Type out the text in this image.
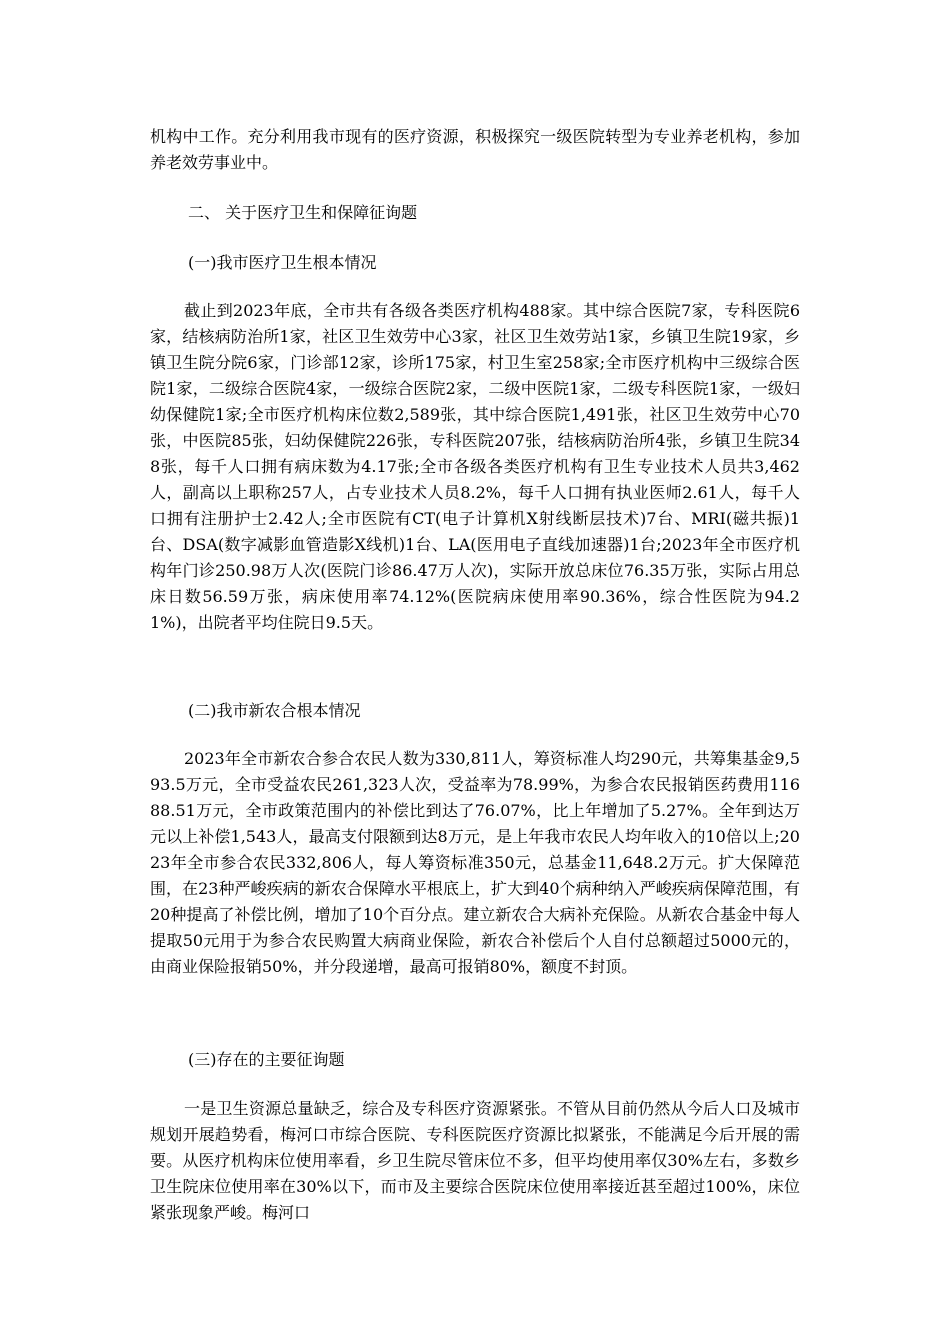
机构中工作。充分利用我市现有的医疗资源，积极探究一级医院转型为专业养老机构，参加养老效劳事业中。

二、 关于医疗卫生和保障征询题

(一)我市医疗卫生根本情况

截止到2023年底，全市共有各级各类医疗机构488家。其中综合医院7家，专科医院6家，结核病防治所1家，社区卫生效劳中心3家，社区卫生效劳站1家，乡镇卫生院19家，乡镇卫生院分院6家，门诊部12家，诊所175家，村卫生室258家;全市医疗机构中三级综合医院1家，二级综合医院4家，一级综合医院2家，二级中医院1家，二级专科医院1家，一级妇幼保健院1家;全市医疗机构床位数2,589张，其中综合医院1,491张，社区卫生效劳中心70张，中医院85张，妇幼保健院226张，专科医院207张，结核病防治所4张，乡镇卫生院348张，每千人口拥有病床数为4.17张;全市各级各类医疗机构有卫生专业技术人员共3,462人，副高以上职称257人，占专业技术人员8.2%，每千人口拥有执业医师2.61人，每千人口拥有注册护士2.42人;全市医院有CT(电子计算机X射线断层技术)7台、MRI(磁共振)1台、DSA(数字减影血管造影X线机)1台、LA(医用电子直线加速器)1台;2023年全市医疗机构年门诊250.98万人次(医院门诊86.47万人次)，实际开放总床位76.35万张，实际占用总床日数56.59万张，病床使用率74.12%(医院病床使用率90.36%，综合性医院为94.21%)，出院者平均住院日9.5天。

(二)我市新农合根本情况

2023年全市新农合参合农民人数为330,811人，筹资标准人均290元，共筹集基金9,593.5万元，全市受益农民261,323人次，受益率为78.99%，为参合农民报销医药费用11688.51万元，全市政策范围内的补偿比到达了76.07%，比上年增加了5.27%。全年到达万元以上补偿1,543人，最高支付限额到达8万元，是上年我市农民人均年收入的10倍以上;2023年全市参合农民332,806人，每人筹资标准350元，总基金11,648.2万元。扩大保障范围，在23种严峻疾病的新农合保障水平根底上，扩大到40个病种纳入严峻疾病保障范围，有20种提高了补偿比例，增加了10个百分点。建立新农合大病补充保险。从新农合基金中每人提取50元用于为参合农民购置大病商业保险，新农合补偿后个人自付总额超过5000元的，由商业保险报销50%，并分段递增，最高可报销80%，额度不封顶。

(三)存在的主要征询题

一是卫生资源总量缺乏，综合及专科医疗资源紧张。不管从目前仍然从今后人口及城市规划开展趋势看，梅河口市综合医院、专科医院医疗资源比拟紧张，不能满足今后开展的需要。从医疗机构床位使用率看，乡卫生院尽管床位不多，但平均使用率仅30%左右，多数乡卫生院床位使用率在30%以下，而市及主要综合医院床位使用率接近甚至超过100%，床位紧张现象严峻。梅河口
